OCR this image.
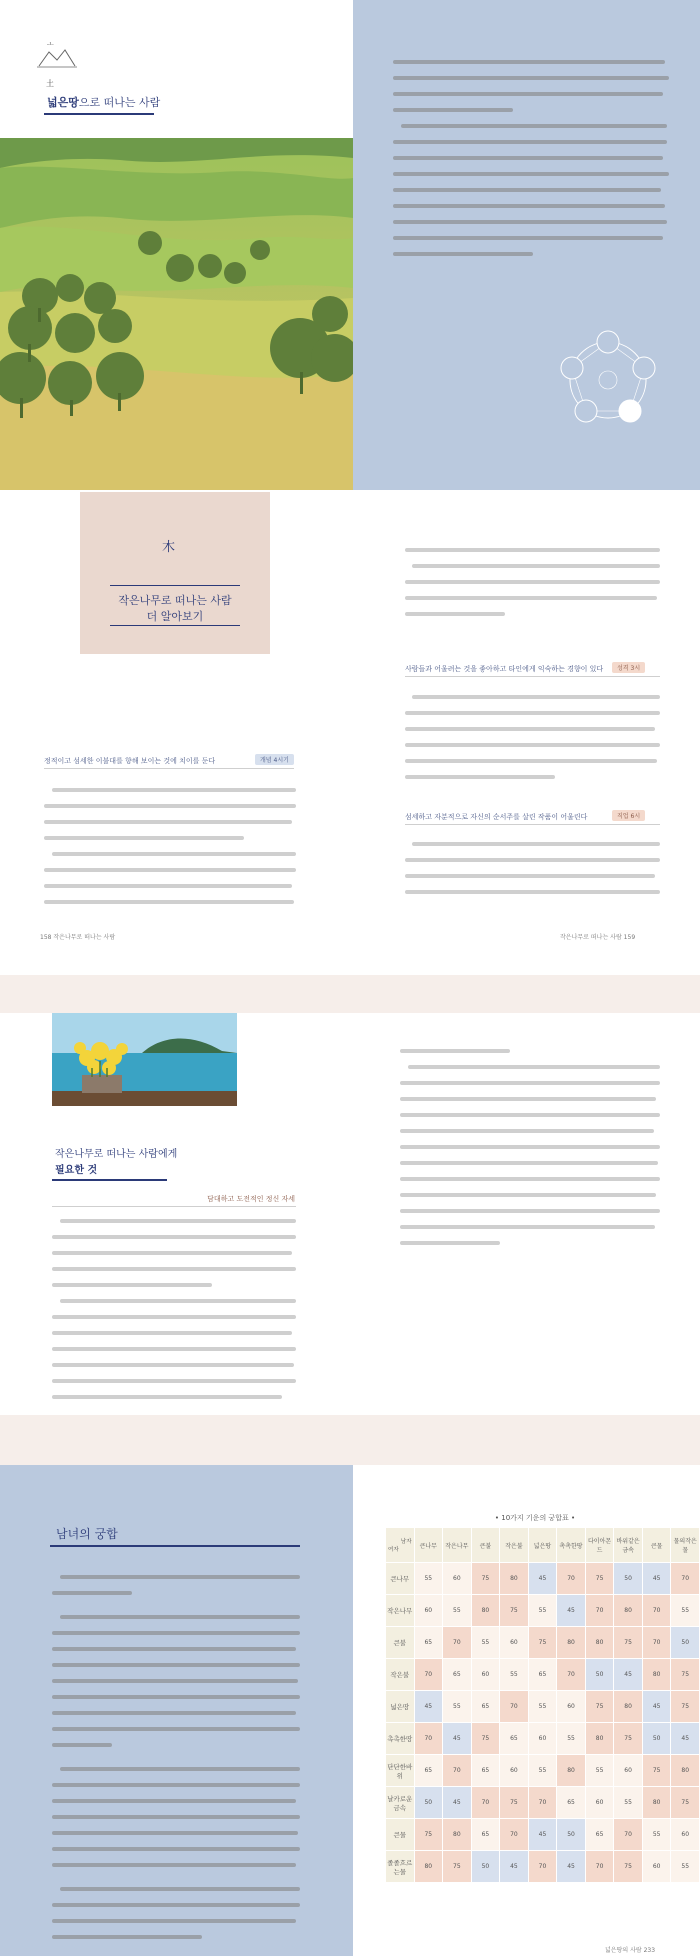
ㅗ
土
넓은땅으로 떠나는 사람
木
작은나무로 떠나는 사람
더 알아보기
사람들과 어울려는 것을 좋아하고 타인에게 익숙하는 경향이 있다	성격 3시
섬세하고 자분적으로 자신의 순서주를 살린 작품이 어울린다	직업 6시
정적이고 섬세한 이불대를 향해 보이는 것에 치이를 둔다	개념 4시기
158 작은나무로 떠나는 사람	작은나무로 떠나는 사람 159
작은나무로 떠나는 사람에게
필요한 것
담대하고 도전적인 정신 자세
남녀의 궁합
• 10가지 기운의 궁합표 •
남자
여자	큰나무	작은나무	큰불	작은불	넓은땅	촉촉한땅	다이아몬드	바위같은금속	큰물	물의작은물
큰나무	55	60	75	80	45	70	75	50	45	70
작은나무	60	55	80	75	55	45	70	80	70	55
큰불	65	70	55	60	75	80	80	75	70	50
작은불	70	65	60	55	65	70	50	45	80	75
넓은땅	45	55	65	70	55	60	75	80	45	75
촉촉한땅	70	45	75	65	60	55	80	75	50	45
단단한바위	65	70	65	60	55	80	55	60	75	80
날카로운금속	50	45	70	75	70	65	60	55	80	75
큰물	75	80	65	70	45	50	65	70	55	60
졸졸흐르는물	80	75	50	45	70	45	70	75	60	55
넓은땅의 사람 233
